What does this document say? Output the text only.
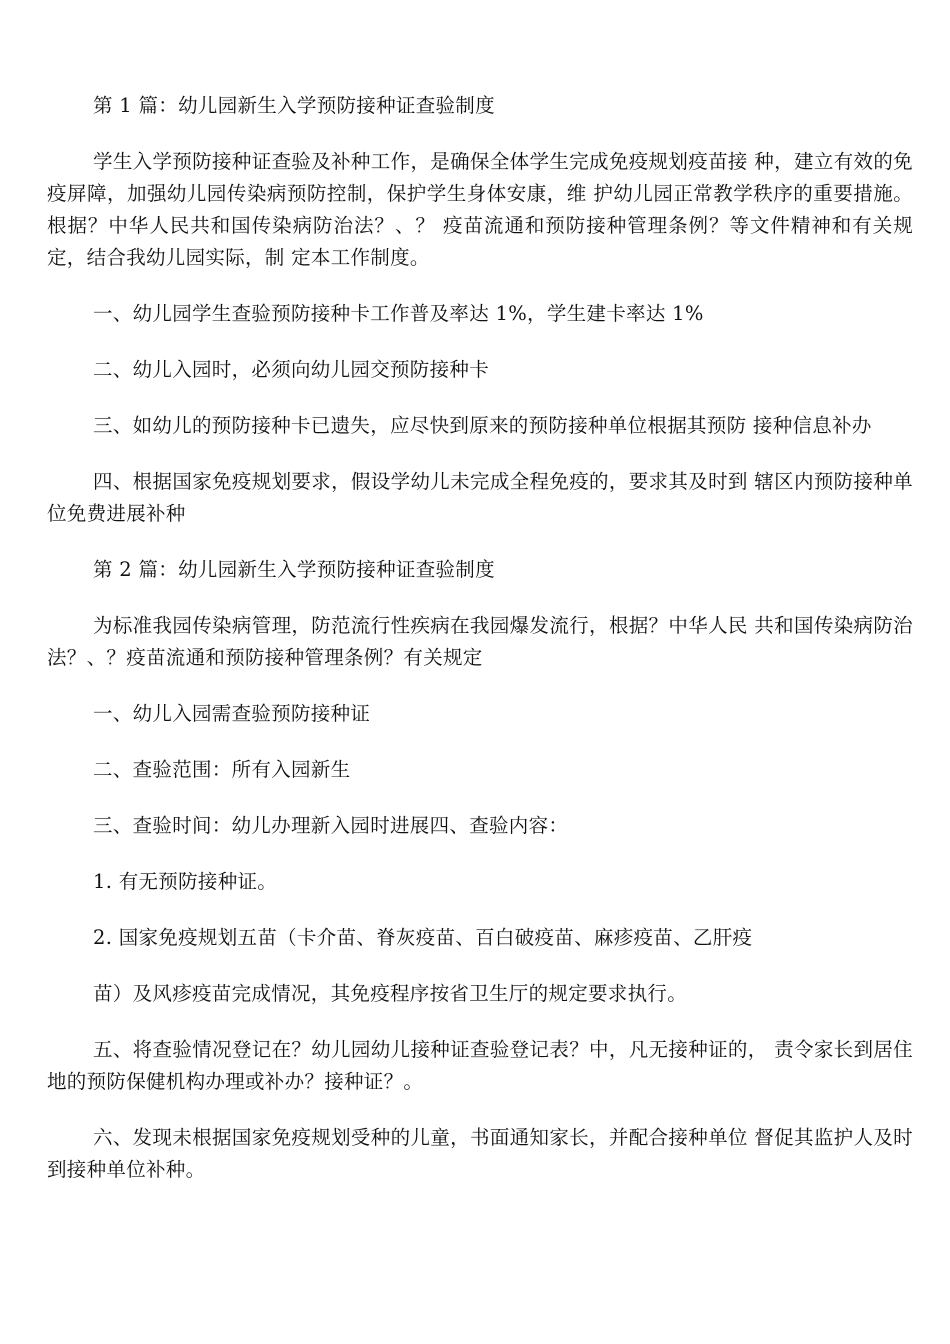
第 1 篇：幼儿园新生入学预防接种证查验制度

学生入学预防接种证查验及补种工作，是确保全体学生完成免疫规划疫苗接 种，建立有效的免疫屏障，加强幼儿园传染病预防控制，保护学生身体安康，维 护幼儿园正常教学秩序的重要措施。根据？中华人民共和国传染病防治法？、？ 疫苗流通和预防接种管理条例？等文件精神和有关规定，结合我幼儿园实际，制 定本工作制度。

一、幼儿园学生查验预防接种卡工作普及率达 1%，学生建卡率达 1%

二、幼儿入园时，必须向幼儿园交预防接种卡

三、如幼儿的预防接种卡已遗失，应尽快到原来的预防接种单位根据其预防 接种信息补办

四、根据国家免疫规划要求，假设学幼儿未完成全程免疫的，要求其及时到 辖区内预防接种单位免费进展补种

第 2 篇：幼儿园新生入学预防接种证查验制度

为标准我园传染病管理，防范流行性疾病在我园爆发流行，根据？中华人民 共和国传染病防治法？、？疫苗流通和预防接种管理条例？有关规定

一、幼儿入园需查验预防接种证

二、查验范围：所有入园新生

三、查验时间：幼儿办理新入园时进展四、查验内容：

1. 有无预防接种证。

2. 国家免疫规划五苗（卡介苗、脊灰疫苗、百白破疫苗、麻疹疫苗、乙肝疫

苗）及风疹疫苗完成情况，其免疫程序按省卫生厅的规定要求执行。

五、将查验情况登记在？幼儿园幼儿接种证查验登记表？中，凡无接种证的， 责令家长到居住地的预防保健机构办理或补办？接种证？。

六、发现未根据国家免疫规划受种的儿童，书面通知家长，并配合接种单位 督促其监护人及时到接种单位补种。
